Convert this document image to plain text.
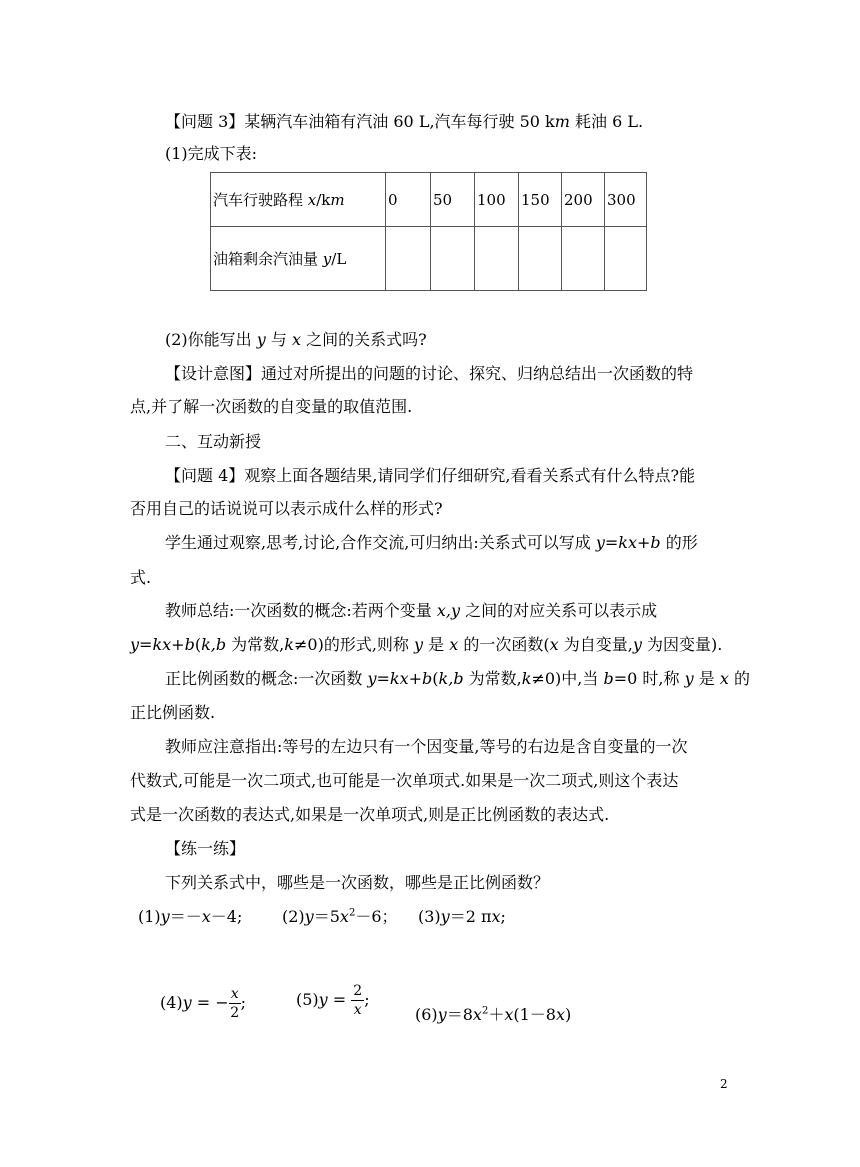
【问题 3】某辆汽车油箱有汽油 60 L,汽车每行驶 50 km 耗油 6 L.
(1)完成下表:
汽车行驶路程 x/km	0	50	100	150	200	300
油箱剩余汽油量 y/L						
(2)你能写出 y 与 x 之间的关系式吗?
【设计意图】通过对所提出的问题的讨论、探究、归纳总结出一次函数的特
点,并了解一次函数的自变量的取值范围.
二、互动新授
【问题 4】观察上面各题结果,请同学们仔细研究,看看关系式有什么特点?能
否用自己的话说说可以表示成什么样的形式?
学生通过观察,思考,讨论,合作交流,可归纳出:关系式可以写成 y=kx+b 的形
式.
教师总结:一次函数的概念:若两个变量 x,y 之间的对应关系可以表示成
y=kx+b(k,b 为常数,k≠0)的形式,则称 y 是 x 的一次函数(x 为自变量,y 为因变量).
正比例函数的概念:一次函数 y=kx+b(k,b 为常数,k≠0)中,当 b=0 时,称 y 是 x 的
正比例函数.
教师应注意指出:等号的左边只有一个因变量,等号的右边是含自变量的一次
代数式,可能是一次二项式,也可能是一次单项式.如果是一次二项式,则这个表达
式是一次函数的表达式,如果是一次单项式,则是正比例函数的表达式.
【练一练】
下列关系式中，哪些是一次函数，哪些是正比例函数？
(1)y＝－x－4; $(2)y=5x^2-6$； (3)y＝2 πx;
(4)y = − $\frac{x}{2}$ ;	$(5)y = \frac{2}{x}$ ;
$(6)y=8x^2+x(1-8x)$
2
